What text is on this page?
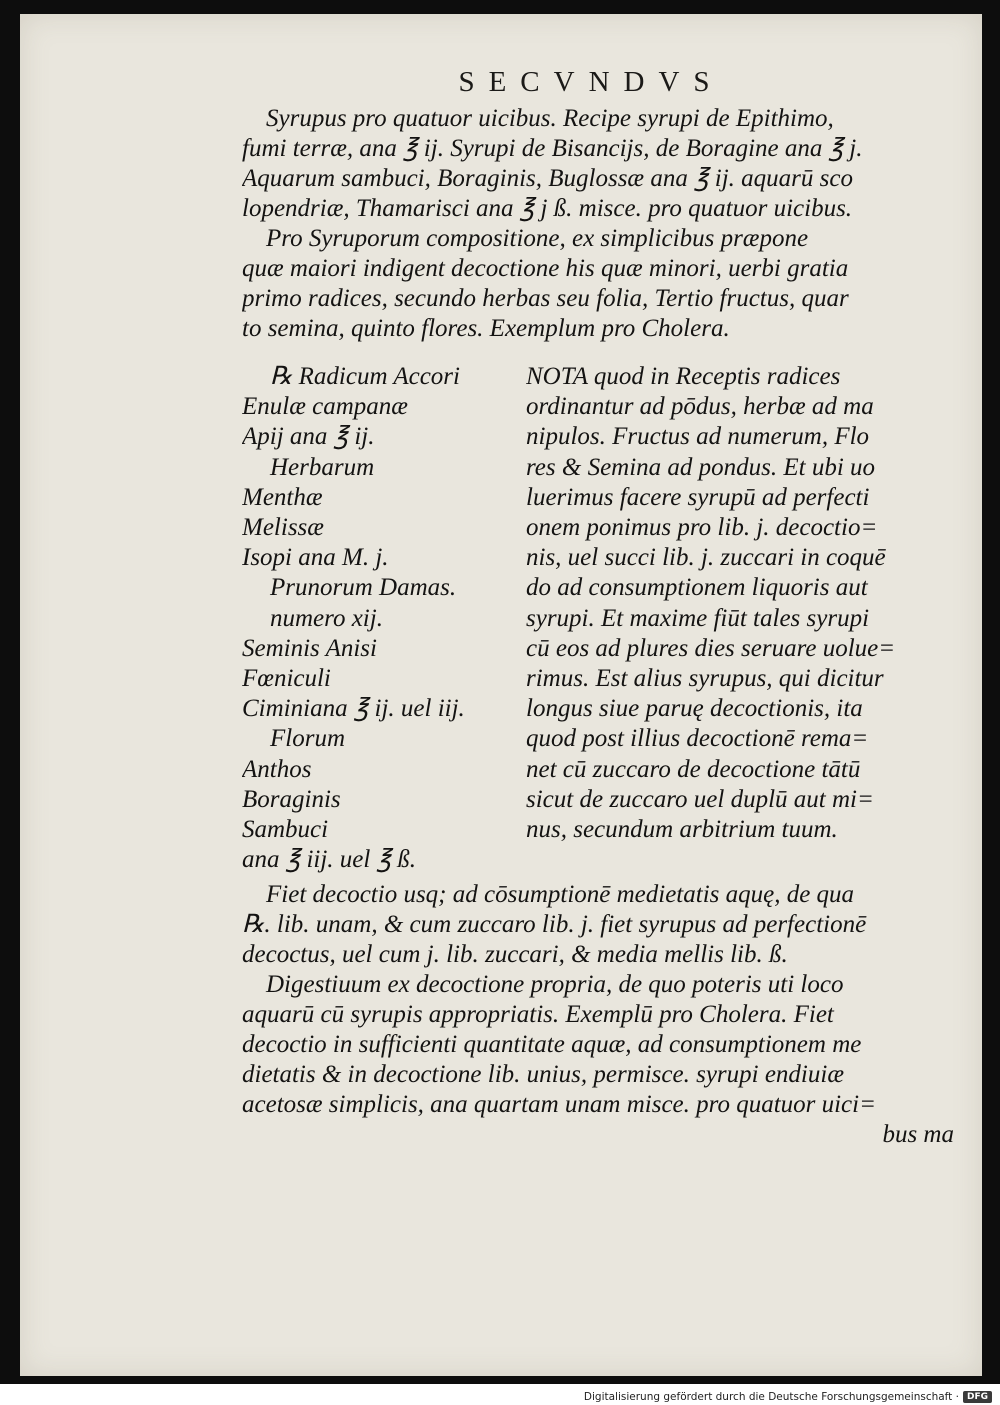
SECVNDVS
Syrupus pro quatuor uicibus. Recipe syrupi de Epithimo,
fumi terræ, ana ℥ ij. Syrupi de Bisancijs, de Boragine ana ℥ j.
Aquarum sambuci, Boraginis, Buglossæ ana ℥ ij. aquarū sco
lopendriæ, Thamarisci ana ℥ j ß. misce. pro quatuor uicibus.
Pro Syruporum compositione, ex simplicibus præpone
quæ maiori indigent decoctione his quæ minori, uerbi gratia
primo radices, secundo herbas seu folia, Tertio fructus, quar
to semina, quinto flores. Exemplum pro Cholera.
℞ Radicum Accori
Enulæ campanæ
Apij ana ℥ ij.
Herbarum
Menthæ
Melissæ
Isopi ana M. j.
Prunorum Damas.
numero xij.
Seminis Anisi
Fœniculi
Ciminiana ℥ ij. uel iij.
Florum
Anthos
Boraginis
Sambuci
ana ℥ iij. uel ℥ ß.
NOTA quod in Receptis radices
ordinantur ad pōdus, herbæ ad ma
nipulos. Fructus ad numerum, Flo
res & Semina ad pondus. Et ubi uo
luerimus facere syrupū ad perfecti
onem ponimus pro lib. j. decoctio=
nis, uel succi lib. j. zuccari in coquē
do ad consumptionem liquoris aut
syrupi. Et maxime fiūt tales syrupi
cū eos ad plures dies seruare uolue=
rimus. Est alius syrupus, qui dicitur
longus siue paruę decoctionis, ita
quod post illius decoctionē rema=
net cū zuccaro de decoctione tātū
sicut de zuccaro uel duplū aut mi=
nus, secundum arbitrium tuum.
Fiet decoctio usq; ad cōsumptionē medietatis aquę, de qua
℞. lib. unam, & cum zuccaro lib. j. fiet syrupus ad perfectionē
decoctus, uel cum j. lib. zuccari, & media mellis lib. ß.
Digestiuum ex decoctione propria, de quo poteris uti loco
aquarū cū syrupis appropriatis. Exemplū pro Cholera. Fiet
decoctio in sufficienti quantitate aquæ, ad consumptionem me
dietatis & in decoctione lib. unius, permisce. syrupi endiuiæ
acetosæ simplicis, ana quartam unam misce. pro quatuor uici=
bus ma
Digitalisierung gefördert durch die Deutsche Forschungsgemeinschaft · DFG
